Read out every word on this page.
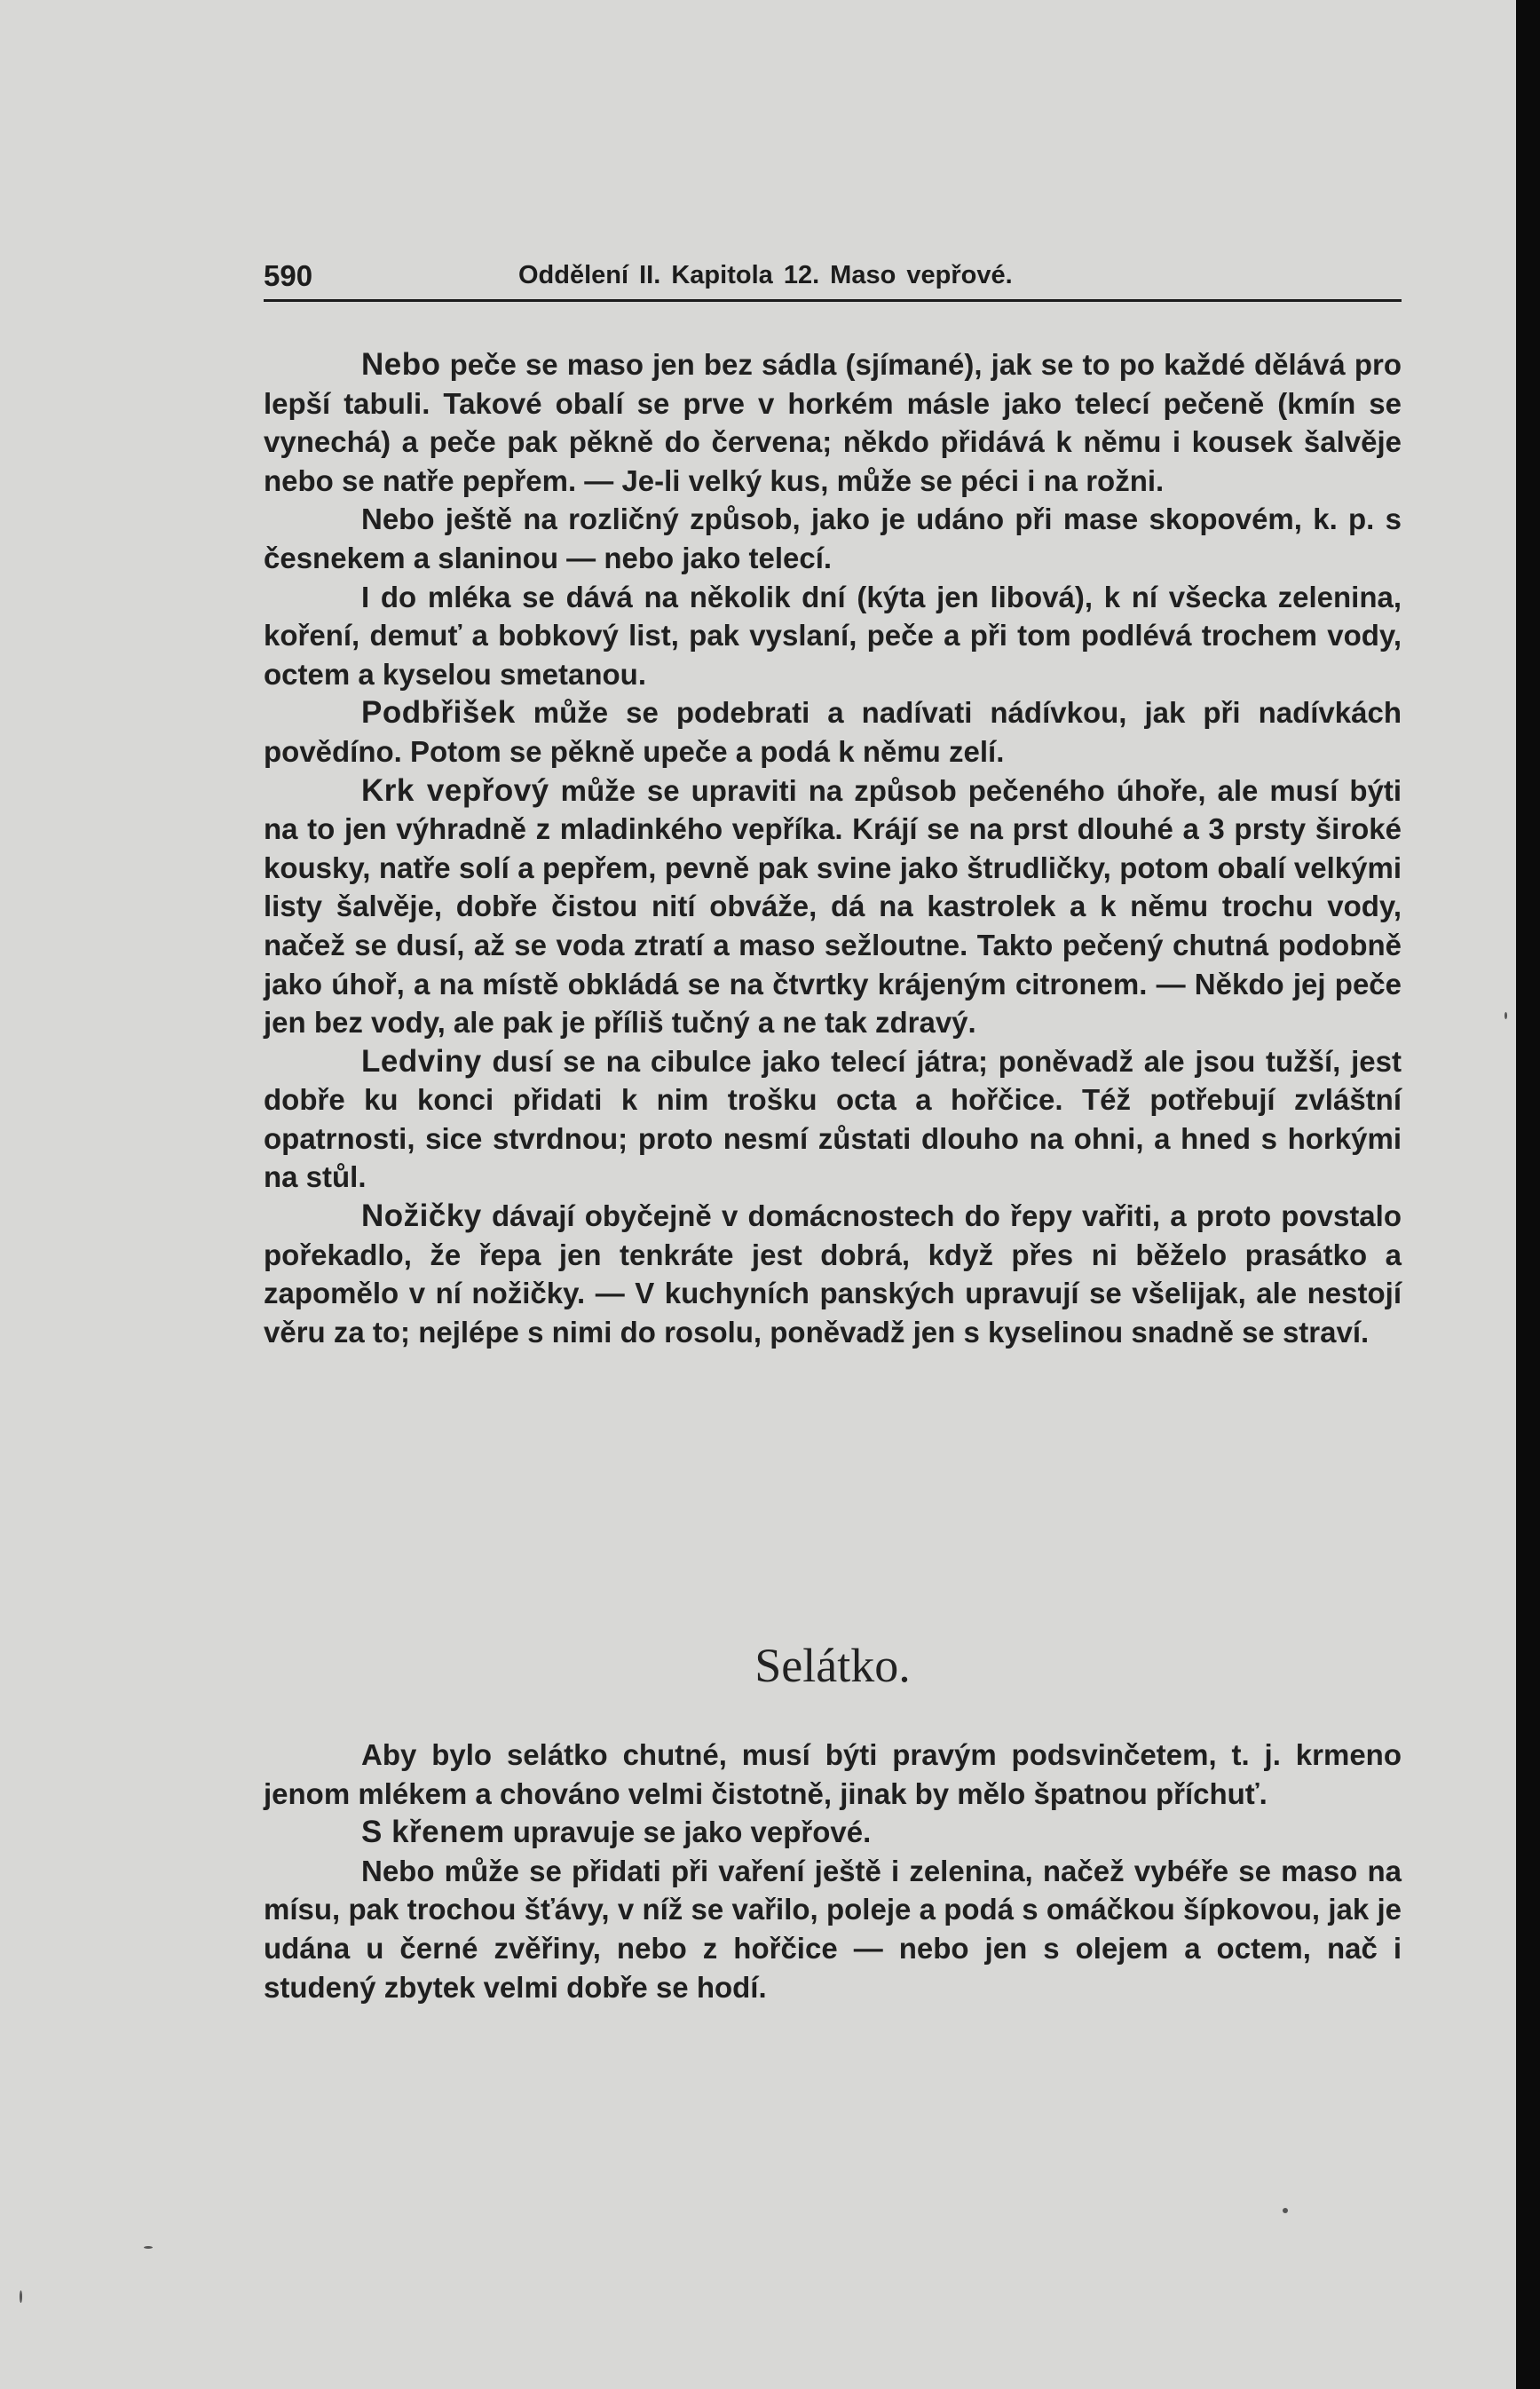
590	Oddělení II. Kapitola 12. Maso vepřové.

Nebo peče se maso jen bez sádla (sjímané), jak se to po každé dělává pro lepší tabuli. Takové obalí se prve v horkém másle jako telecí pečeně (kmín se vynechá) a peče pak pěkně do červena; někdo přidává k němu i kousek šalvěje nebo se natře pepřem. — Je-li velký kus, může se péci i na rožni.

Nebo ještě na rozličný způsob, jako je udáno při mase skopovém, k. p. s česnekem a slaninou — nebo jako telecí.

I do mléka se dává na několik dní (kýta jen libová), k ní všecka zelenina, koření, demuť a bobkový list, pak vyslaní, peče a při tom podlévá trochem vody, octem a kyselou smetanou.

Podbřišek může se podebrati a nadívati nádívkou, jak při nadívkách povědíno. Potom se pěkně upeče a podá k němu zelí.

Krk vepřový může se upraviti na způsob pečeného úhoře, ale musí býti na to jen výhradně z mladinkého vepříka. Krájí se na prst dlouhé a 3 prsty široké kousky, natře solí a pepřem, pevně pak svine jako štrudličky, potom obalí velkými listy šalvěje, dobře čistou nití obváže, dá na kastrolek a k němu trochu vody, načež se dusí, až se voda ztratí a maso sežloutne. Takto pečený chutná podobně jako úhoř, a na místě obkládá se na čtvrtky krájeným citronem. — Někdo jej peče jen bez vody, ale pak je příliš tučný a ne tak zdravý.

Ledviny dusí se na cibulce jako telecí játra; poněvadž ale jsou tužší, jest dobře ku konci přidati k nim trošku octa a hořčice. Též potřebují zvláštní opatrnosti, sice stvrdnou; proto nesmí zůstati dlouho na ohni, a hned s horkými na stůl.

Nožičky dávají obyčejně v domácnostech do řepy vařiti, a proto povstalo pořekadlo, že řepa jen tenkráte jest dobrá, když přes ni běželo prasátko a zapomělo v ní nožičky. — V kuchyních panských upravují se všelijak, ale nestojí věru za to; nejlépe s nimi do rosolu, poněvadž jen s kyselinou snadně se straví.

Selátko.

Aby bylo selátko chutné, musí býti pravým podsvinčetem, t. j. krmeno jenom mlékem a chováno velmi čistotně, jinak by mělo špatnou příchuť.

S křenem upravuje se jako vepřové.

Nebo může se přidati při vaření ještě i zelenina, načež vybéře se maso na mísu, pak trochou šťávy, v níž se vařilo, poleje a podá s omáčkou šípkovou, jak je udána u černé zvěřiny, nebo z hořčice — nebo jen s olejem a octem, nač i studený zbytek velmi dobře se hodí.
